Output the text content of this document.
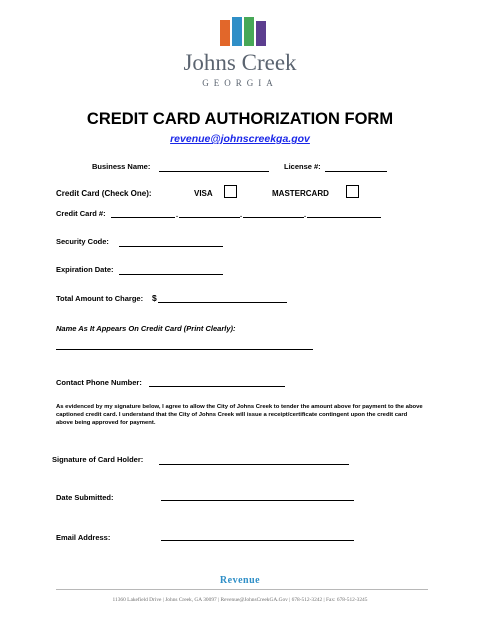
Johns Creek
GEORGIA
CREDIT CARD AUTHORIZATION FORM
revenue@johnscreekga.gov
Business Name:	License #:
Credit Card (Check One):	VISA	MASTERCARD
Credit Card #:	.	.	.
Security Code:
Expiration Date:
Total Amount to Charge: $
Name As It Appears On Credit Card (Print Clearly):
Contact Phone Number:
As evidenced by my signature below, I agree to allow the City of Johns Creek to tender the amount above for payment to the above captioned credit card. I understand that the City of Johns Creek will issue a receipt/certificate contingent upon the credit card above being approved for payment.
Signature of Card Holder:
Date Submitted:
Email Address:
Revenue
11360 Lakefield Drive | Johns Creek, GA 30097 | Revenue@JohnsCreekGA.Gov | 678-512-3242 | Fax: 678-512-3245
